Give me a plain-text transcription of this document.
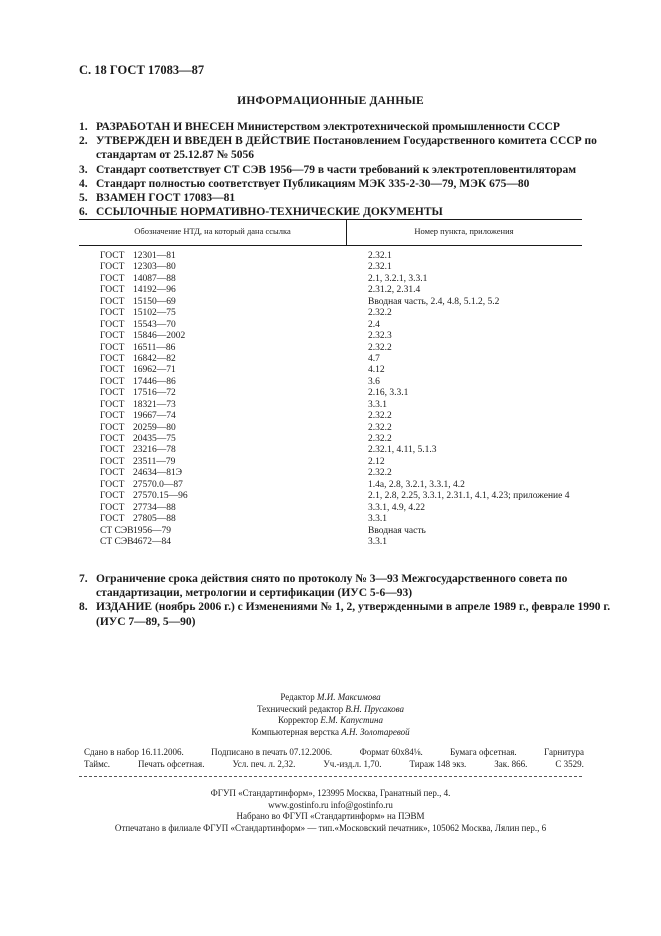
С. 18 ГОСТ 17083—87
ИНФОРМАЦИОННЫЕ ДАННЫЕ
1. РАЗРАБОТАН И ВНЕСЕН Министерством электротехнической промышленности СССР
2. УТВЕРЖДЕН И ВВЕДЕН В ДЕЙСТВИЕ Постановлением Государственного комитета СССР по стандартам от 25.12.87 № 5056
3. Стандарт соответствует СТ СЭВ 1956—79 в части требований к электротепловентиляторам
4. Стандарт полностью соответствует Публикациям МЭК 335-2-30—79, МЭК 675—80
5. ВЗАМЕН ГОСТ 17083—81
6. ССЫЛОЧНЫЕ НОРМАТИВНО-ТЕХНИЧЕСКИЕ ДОКУМЕНТЫ
Обозначение НТД, на который дана ссылка	Номер пункта, приложения
ГОСТ 12301—81	2.32.1
ГОСТ 12303—80	2.32.1
ГОСТ 14087—88	2.1, 3.2.1, 3.3.1
ГОСТ 14192—96	2.31.2, 2.31.4
ГОСТ 15150—69	Вводная часть, 2.4, 4.8, 5.1.2, 5.2
ГОСТ 15102—75	2.32.2
ГОСТ 15543—70	2.4
ГОСТ 15846—2002	2.32.3
ГОСТ 16511—86	2.32.2
ГОСТ 16842—82	4.7
ГОСТ 16962—71	4.12
ГОСТ 17446—86	3.6
ГОСТ 17516—72	2.16, 3.3.1
ГОСТ 18321—73	3.3.1
ГОСТ 19667—74	2.32.2
ГОСТ 20259—80	2.32.2
ГОСТ 20435—75	2.32.2
ГОСТ 23216—78	2.32.1, 4.11, 5.1.3
ГОСТ 23511—79	2.12
ГОСТ 24634—81Э	2.32.2
ГОСТ 27570.0—87	1.4а, 2.8, 3.2.1, 3.3.1, 4.2
ГОСТ 27570.15—96	2.1, 2.8, 2.25, 3.3.1, 2.31.1, 4.1, 4.23; приложение 4
ГОСТ 27734—88	3.3.1, 4.9, 4.22
ГОСТ 27805—88	3.3.1
СТ СЭВ1956—79	Вводная часть
СТ СЭВ4672—84	3.3.1
7. Ограничение срока действия снято по протоколу № 3—93 Межгосударственного совета по стандартизации, метрологии и сертификации (ИУС 5-6—93)
8. ИЗДАНИЕ (ноябрь 2006 г.) с Изменениями № 1, 2, утвержденными в апреле 1989 г., феврале 1990 г. (ИУС 7—89, 5—90)
Редактор М.И. Максимова
Технический редактор В.Н. Прусакова
Корректор Е.М. Капустина
Компьютерная верстка А.Н. Золотаревой
Сдано в набор 16.11.2006.	Подписано в печать 07.12.2006.	Формат 60х84⅛.	Бумага офсетная.	Гарнитура
Таймс.	Печать офсетная.	Усл. печ. л. 2,32.	Уч.-изд.л. 1,70.	Тираж 148 экз.	Зак. 866.	С 3529.
ФГУП «Стандартинформ», 123995 Москва, Гранатный пер., 4.
www.gostinfo.ru info@gostinfo.ru
Набрано во ФГУП «Стандартинформ» на ПЭВМ
Отпечатано в филиале ФГУП «Стандартинформ» — тип.«Московский печатник», 105062 Москва, Лялин пер., 6
